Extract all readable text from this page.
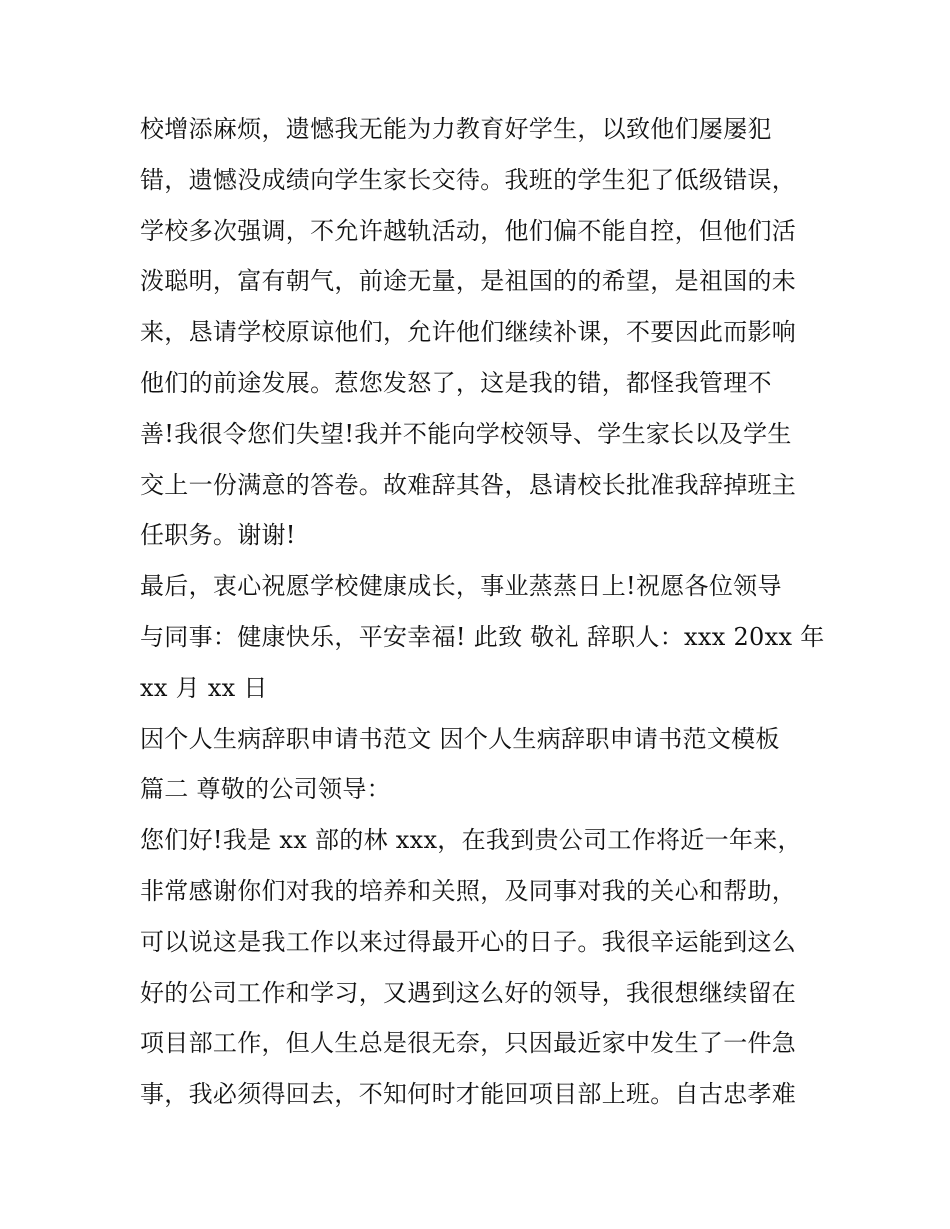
校增添麻烦，遗憾我无能为力教育好学生，以致他们屡屡犯
错，遗憾没成绩向学生家长交待。我班的学生犯了低级错误，
学校多次强调，不允许越轨活动，他们偏不能自控，但他们活
泼聪明，富有朝气，前途无量，是祖国的的希望，是祖国的未
来，恳请学校原谅他们，允许他们继续补课，不要因此而影响
他们的前途发展。惹您发怒了，这是我的错，都怪我管理不
善!我很令您们失望!我并不能向学校领导、学生家长以及学生
交上一份满意的答卷。故难辞其咎，恳请校长批准我辞掉班主
任职务。谢谢!
最后，衷心祝愿学校健康成长，事业蒸蒸日上!祝愿各位领导
与同事：健康快乐，平安幸福! 此致 敬礼 辞职人：xxx 20xx 年
xx 月 xx 日
因个人生病辞职申请书范文 因个人生病辞职申请书范文模板
篇二 尊敬的公司领导：
您们好!我是 xx 部的林 xxx，在我到贵公司工作将近一年来，
非常感谢你们对我的培养和关照，及同事对我的关心和帮助，
可以说这是我工作以来过得最开心的日子。我很辛运能到这么
好的公司工作和学习，又遇到这么好的领导，我很想继续留在
项目部工作，但人生总是很无奈，只因最近家中发生了一件急
事，我必须得回去，不知何时才能回项目部上班。自古忠孝难
